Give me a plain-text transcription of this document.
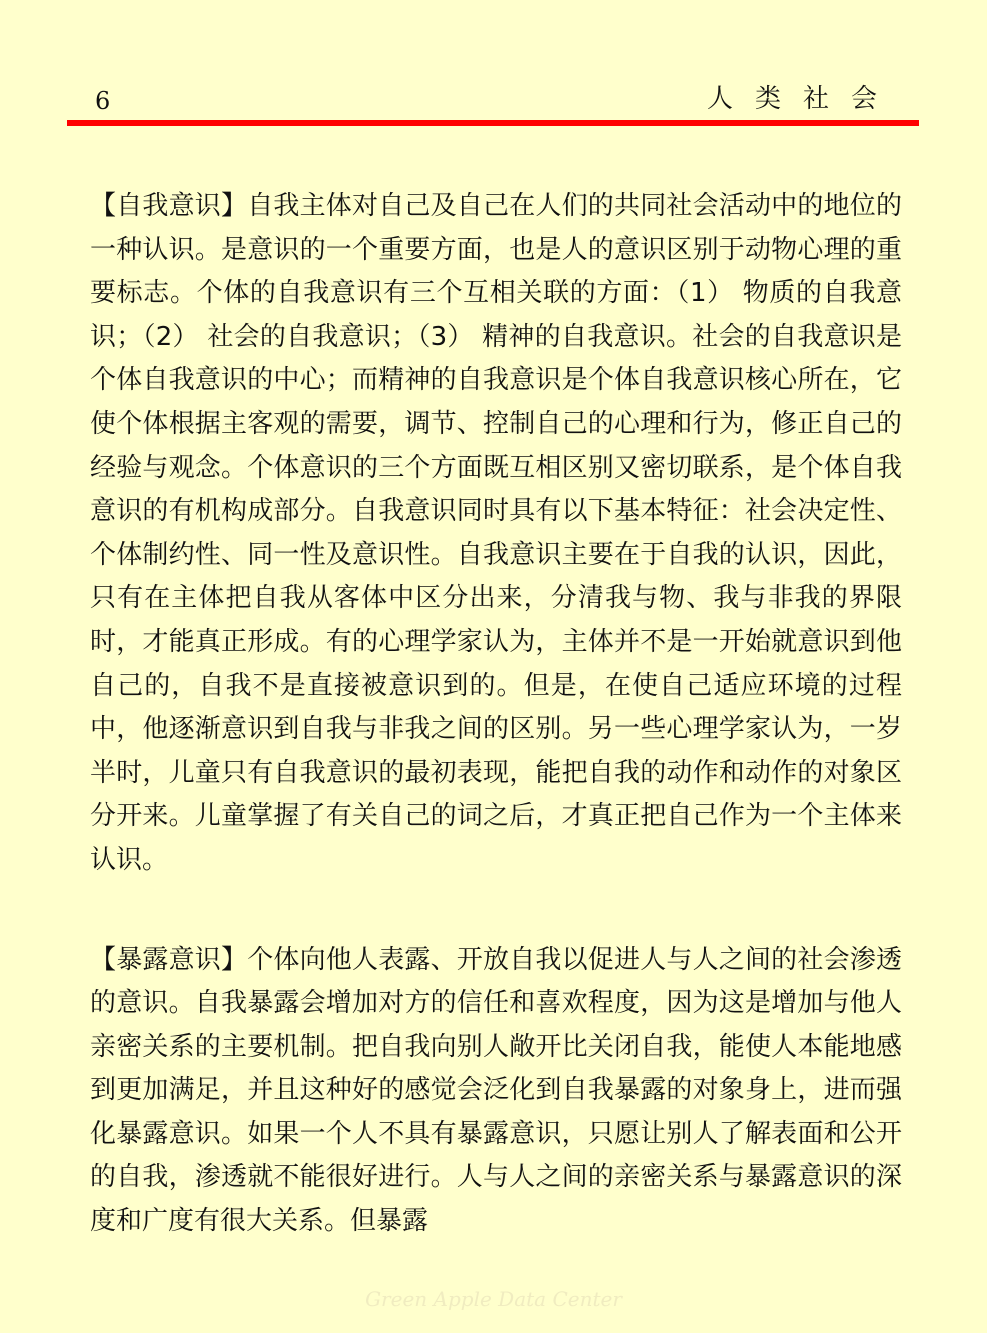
6	人类社会

【自我意识】自我主体对自己及自己在人们的共同社会活动中的地位的一种认识。是意识的一个重要方面，也是人的意识区别于动物心理的重要标志。个体的自我意识有三个互相关联的方面：（1） 物质的自我意识；（2） 社会的自我意识；（3） 精神的自我意识。社会的自我意识是个体自我意识的中心；而精神的自我意识是个体自我意识核心所在，它使个体根据主客观的需要，调节、控制自己的心理和行为，修正自己的经验与观念。个体意识的三个方面既互相区别又密切联系，是个体自我意识的有机构成部分。自我意识同时具有以下基本特征：社会决定性、个体制约性、同一性及意识性。自我意识主要在于自我的认识，因此，只有在主体把自我从客体中区分出来，分清我与物、我与非我的界限时，才能真正形成。有的心理学家认为，主体并不是一开始就意识到他自己的，自我不是直接被意识到的。但是，在使自己适应环境的过程中，他逐渐意识到自我与非我之间的区别。另一些心理学家认为，一岁半时，儿童只有自我意识的最初表现，能把自我的动作和动作的对象区分开来。儿童掌握了有关自己的词之后，才真正把自己作为一个主体来认识。

【暴露意识】个体向他人表露、开放自我以促进人与人之间的社会渗透的意识。自我暴露会增加对方的信任和喜欢程度，因为这是增加与他人亲密关系的主要机制。把自我向别人敞开比关闭自我，能使人本能地感到更加满足，并且这种好的感觉会泛化到自我暴露的对象身上，进而强化暴露意识。如果一个人不具有暴露意识，只愿让别人了解表面和公开的自我，渗透就不能很好进行。人与人之间的亲密关系与暴露意识的深度和广度有很大关系。但暴露

Green Apple Data Center
